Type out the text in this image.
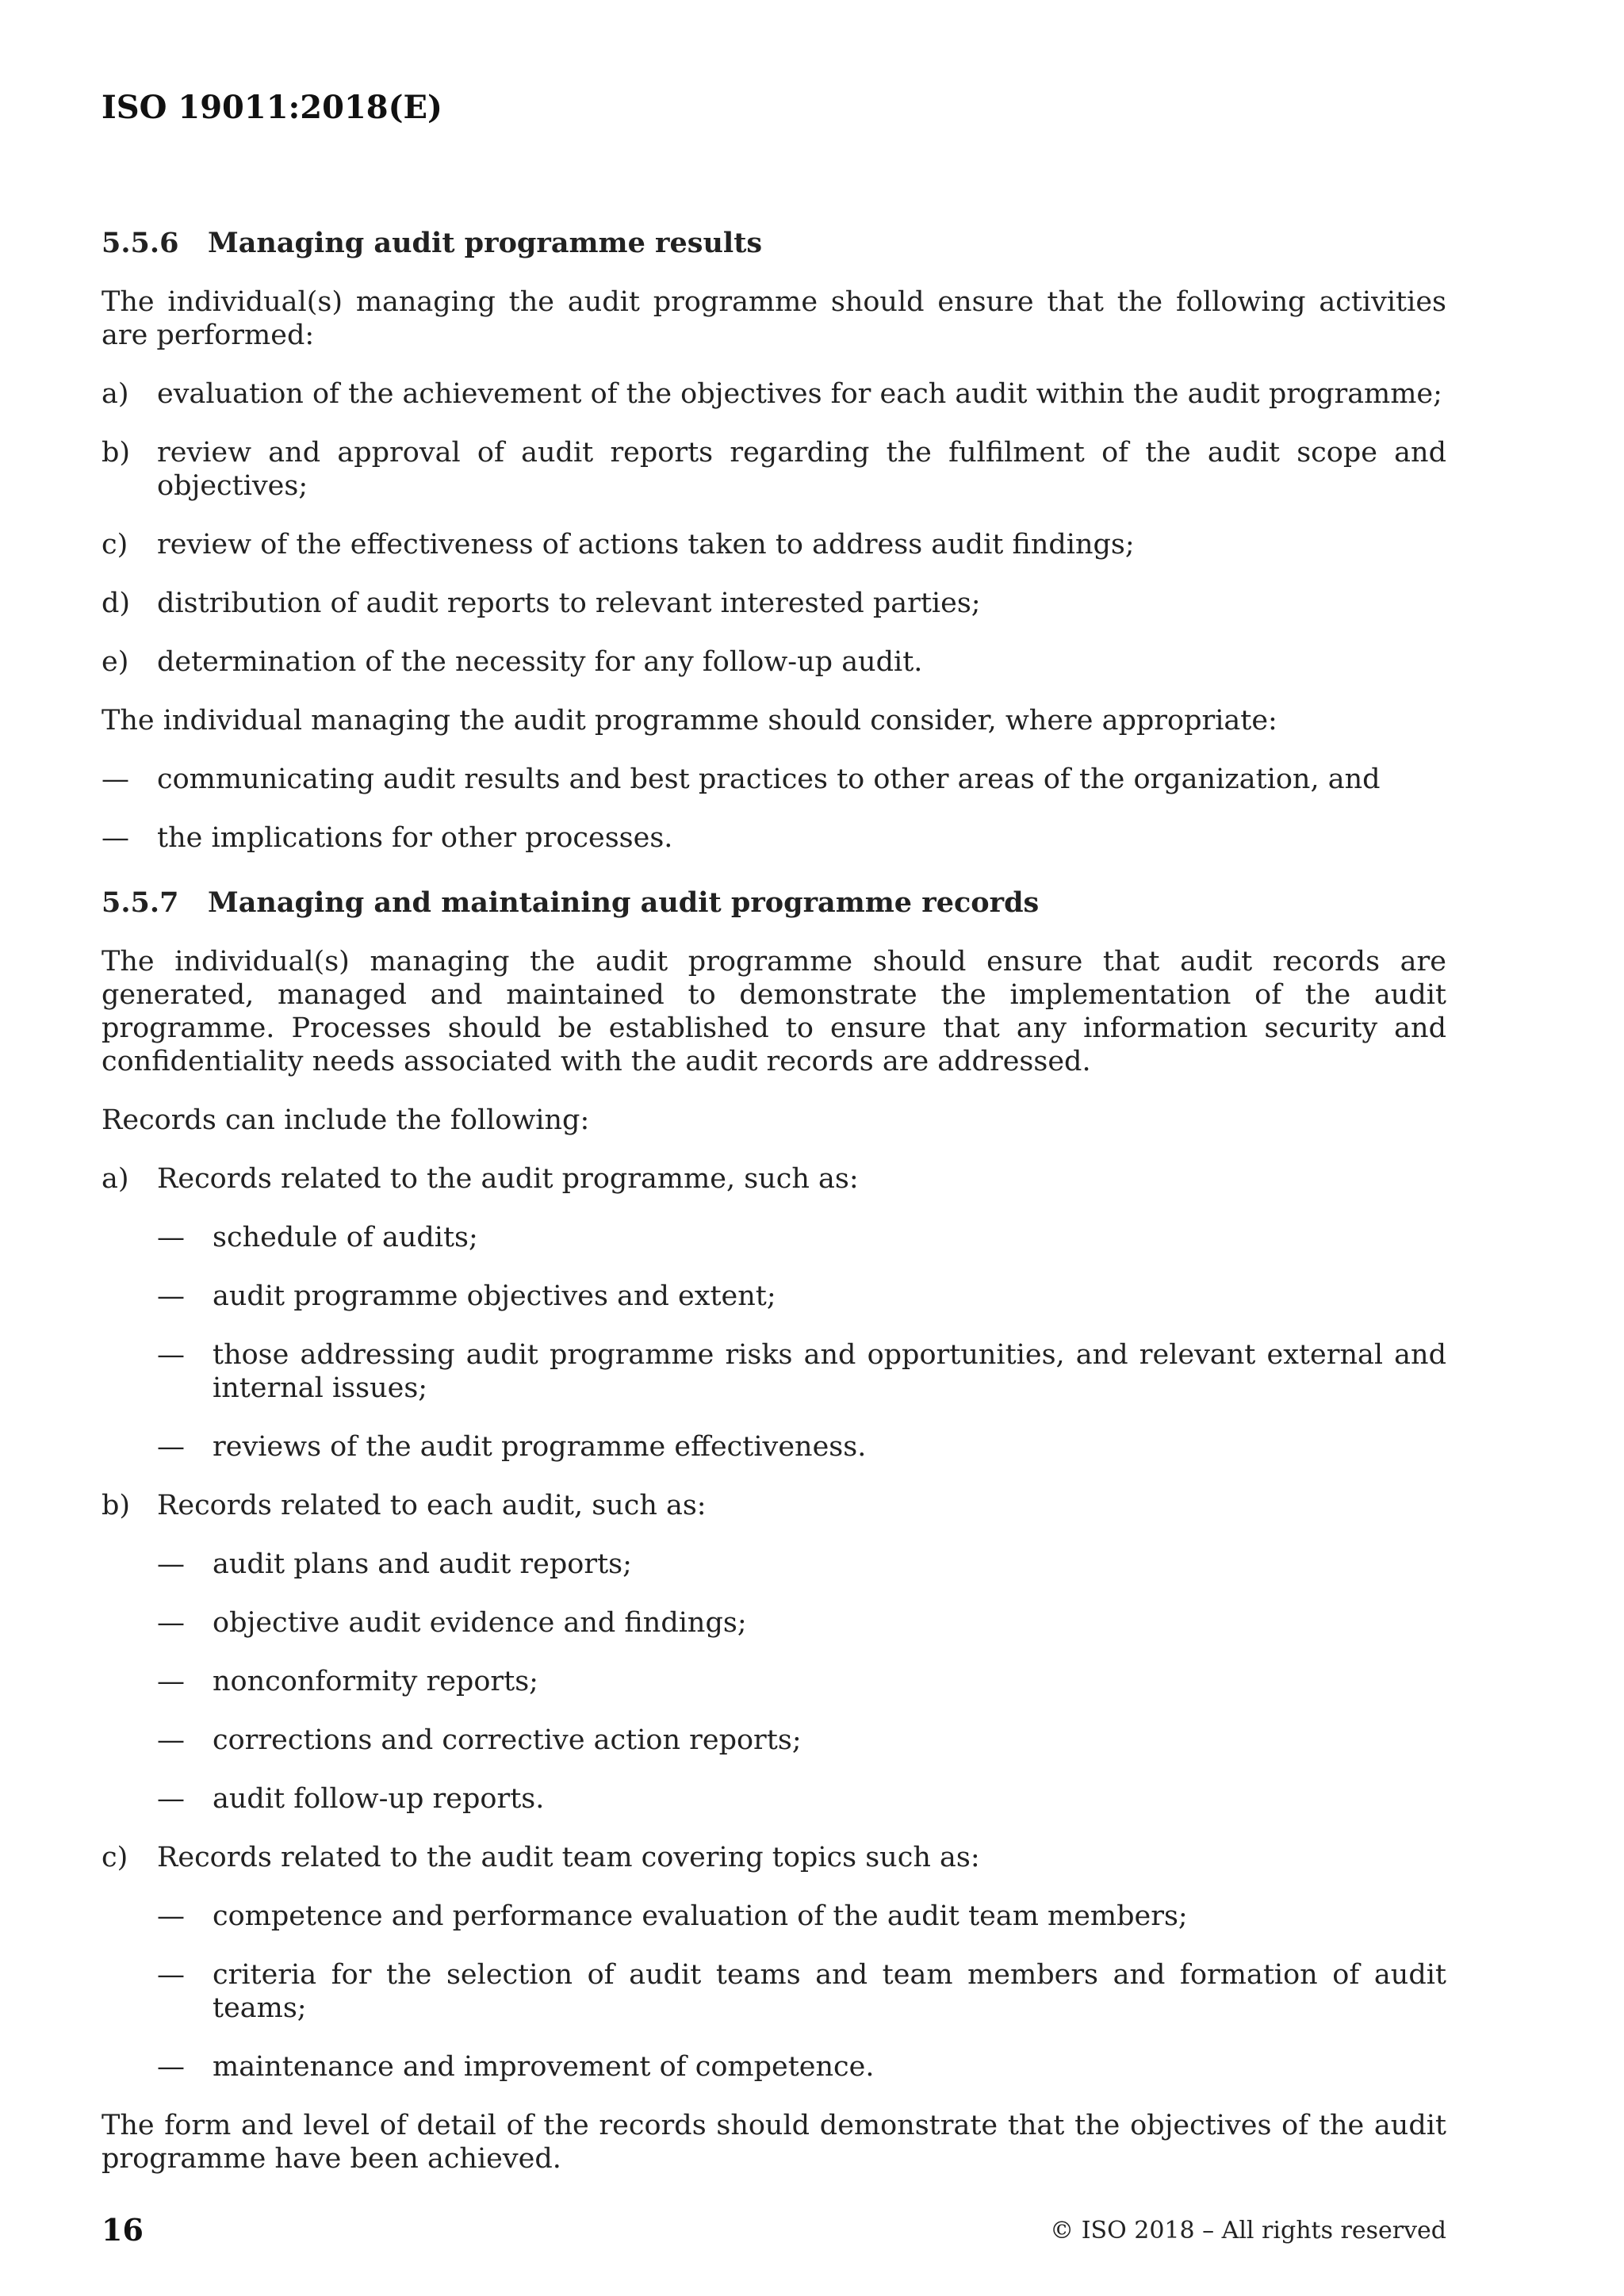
ISO 19011:2018(E)
5.5.6	Managing audit programme results

The individual(s) managing the audit programme should ensure that the following activities are performed:

a)	evaluation of the achievement of the objectives for each audit within the audit programme;
b) review and approval of audit reports regarding the fulfilment of the audit scope and objectives;
c)	review of the effectiveness of actions taken to address audit findings;
d) distribution of audit reports to relevant interested parties;
e)	determination of the necessity for any follow-up audit.

The individual managing the audit programme should consider, where appropriate:

—	communicating audit results and best practices to other areas of the organization, and
—	the implications for other processes.
5.5.7	Managing and maintaining audit programme records

The individual(s) managing the audit programme should ensure that audit records are generated, managed and maintained to demonstrate the implementation of the audit programme. Processes should be established to ensure that any information security and confidentiality needs associated with the audit records are addressed.

Records can include the following:

a)	Records related to the audit programme, such as:
—	schedule of audits;
—	audit programme objectives and extent;
—	those addressing audit programme risks and opportunities, and relevant external and internal issues;
—	reviews of the audit programme effectiveness.
b) Records related to each audit, such as:
—	audit plans and audit reports;
—	objective audit evidence and findings;
—	nonconformity reports;
—	corrections and corrective action reports;
—	audit follow-up reports.
c)	Records related to the audit team covering topics such as:
—	competence and performance evaluation of the audit team members;
—	criteria for the selection of audit teams and team members and formation of audit teams;
—	maintenance and improvement of competence.

The form and level of detail of the records should demonstrate that the objectives of the audit programme have been achieved.

16	© ISO 2018 – All rights reserved
